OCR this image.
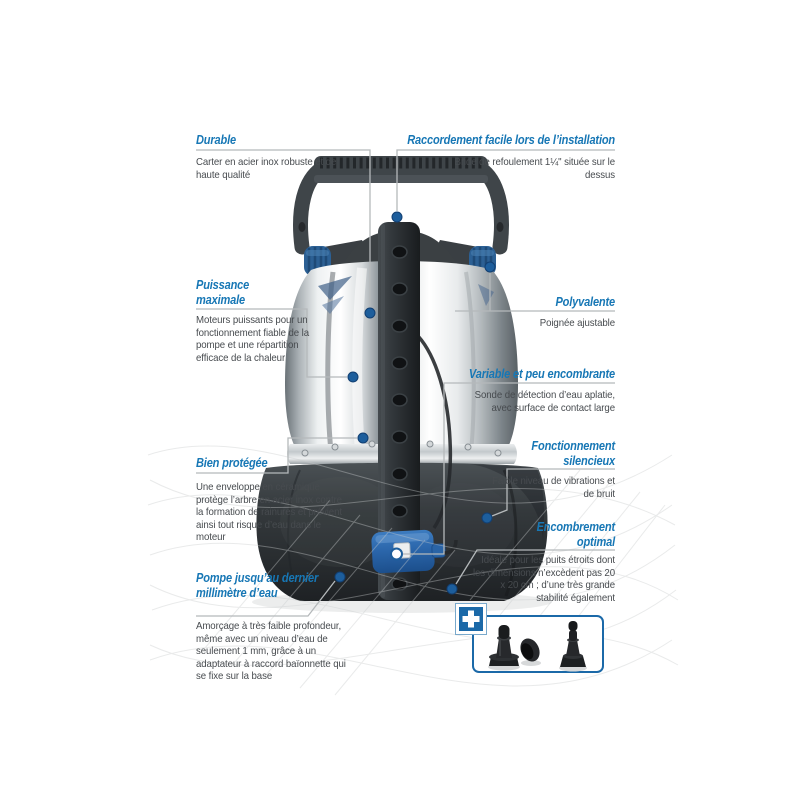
Durable
Carter en acier inox robuste et de haute qualité
Puissance maximale
Moteurs puissants pour un fonctionnement fiable de la pompe et une répartition efficace de la chaleur
Bien protégée
Une enveloppe en céramique protège l’arbre en acier inox contre la formation de rainures et prévient ainsi tout risque d’eau dans le moteur
Pompe jusqu’au dernier millimètre d’eau
Amorçage à très faible profondeur, même avec un niveau d’eau de seulement 1 mm, grâce à un adaptateur à raccord baïonnette qui se fixe sur la base
Raccordement facile lors de l’installation
Bride de refoulement 1¼" située sur le dessus
Polyvalente
Poignée ajustable
Variable et peu encombrante
Sonde de détection d’eau aplatie, avec surface de contact large
Fonctionnement silencieux
Faible niveau de vibrations et de bruit
Encombrement optimal
Idéale pour les puits étroits dont les dimensions n’excèdent pas 20 x 20 cm ; d’une très grande stabilité également
